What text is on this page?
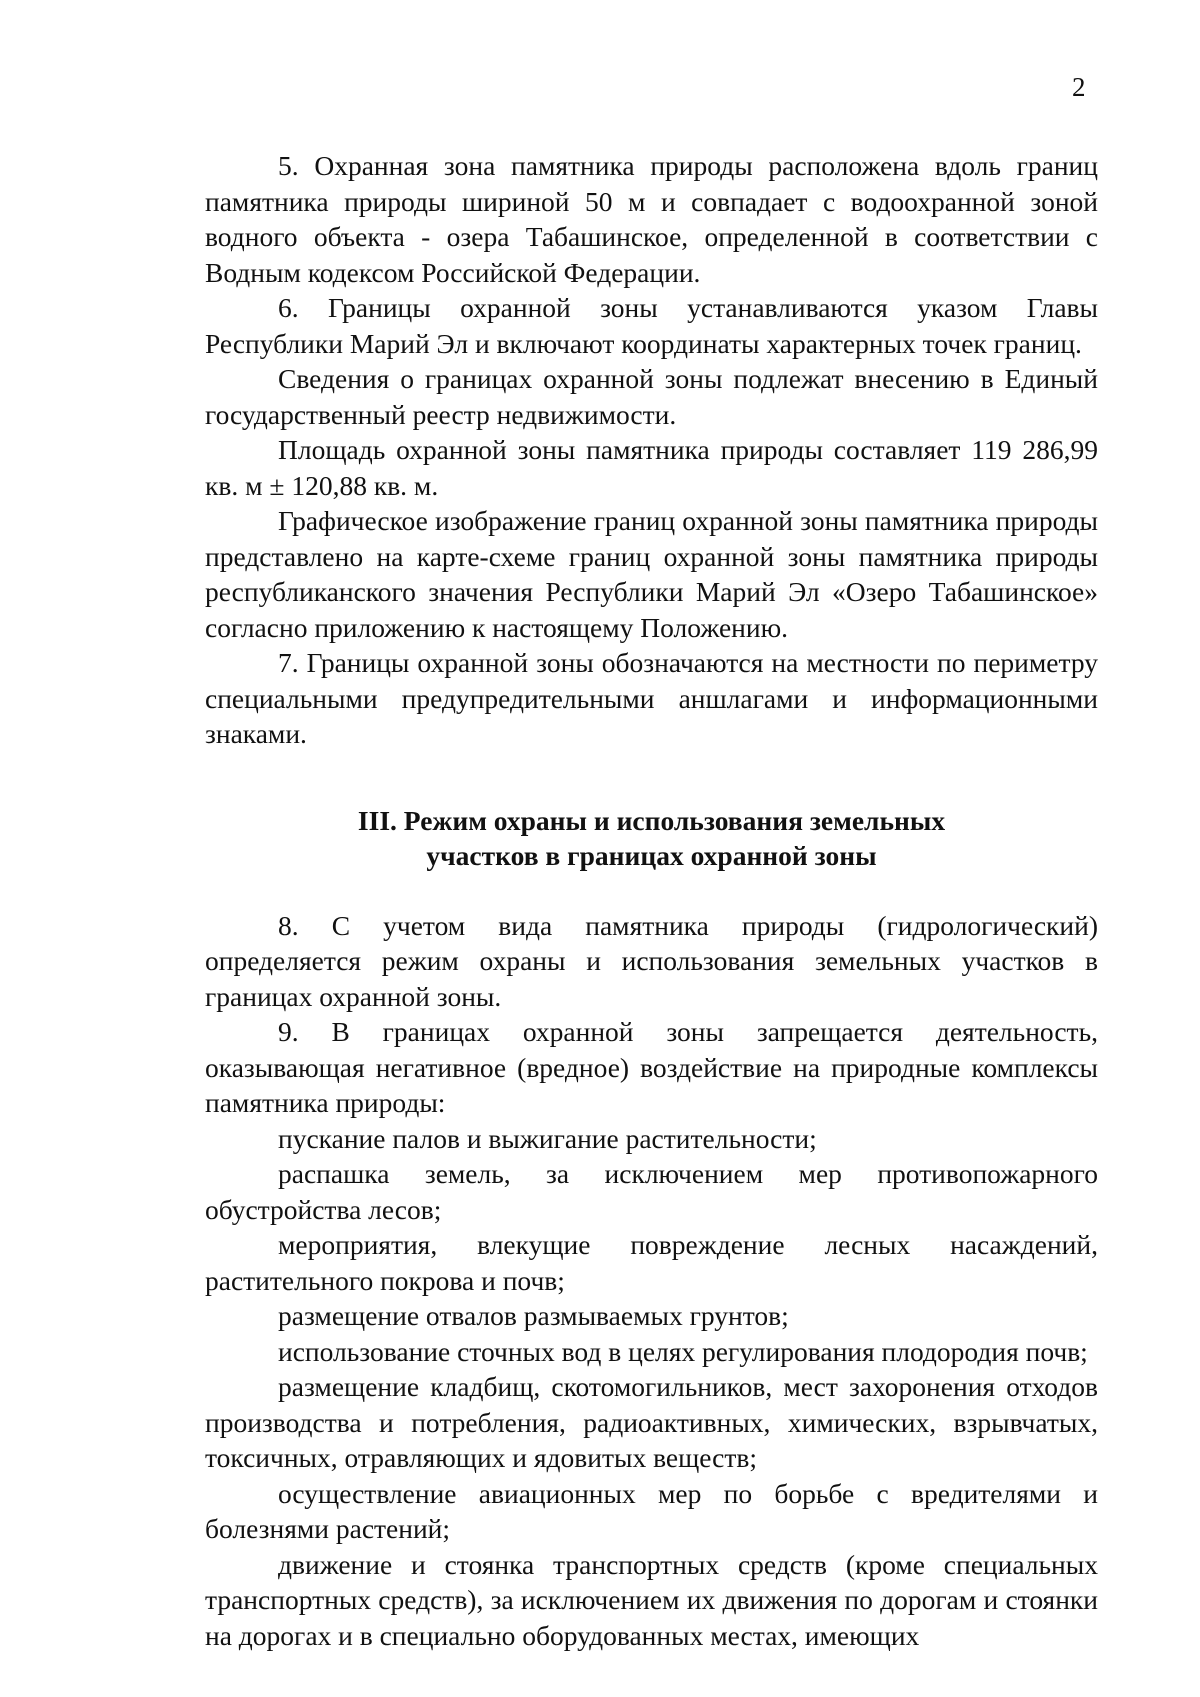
2

5. Охранная зона памятника природы расположена вдоль границ памятника природы шириной 50 м и совпадает с водоохранной зоной водного объекта - озера Табашинское, определенной в соответствии с Водным кодексом Российской Федерации.

6. Границы охранной зоны устанавливаются указом Главы Республики Марий Эл и включают координаты характерных точек границ.

Сведения о границах охранной зоны подлежат внесению в Единый государственный реестр недвижимости.

Площадь охранной зоны памятника природы составляет 119 286,99 кв. м ± 120,88 кв. м.

Графическое изображение границ охранной зоны памятника природы представлено на карте-схеме границ охранной зоны памятника природы республиканского значения Республики Марий Эл «Озеро Табашинское» согласно приложению к настоящему Положению.

7. Границы охранной зоны обозначаются на местности по периметру специальными предупредительными аншлагами и информационными знаками.

III. Режим охраны и использования земельных
участков в границах охранной зоны

8. С учетом вида памятника природы (гидрологический) определяется режим охраны и использования земельных участков в границах охранной зоны.

9. В границах охранной зоны запрещается деятельность, оказывающая негативное (вредное) воздействие на природные комплексы памятника природы:

пускание палов и выжигание растительности;

распашка земель, за исключением мер противопожарного обустройства лесов;

мероприятия, влекущие повреждение лесных насаждений, растительного покрова и почв;

размещение отвалов размываемых грунтов;

использование сточных вод в целях регулирования плодородия почв;

размещение кладбищ, скотомогильников, мест захоронения отходов производства и потребления, радиоактивных, химических, взрывчатых, токсичных, отравляющих и ядовитых веществ;

осуществление авиационных мер по борьбе с вредителями и болезнями растений;

движение и стоянка транспортных средств (кроме специальных транспортных средств), за исключением их движения по дорогам и стоянки на дорогах и в специально оборудованных местах, имеющих
